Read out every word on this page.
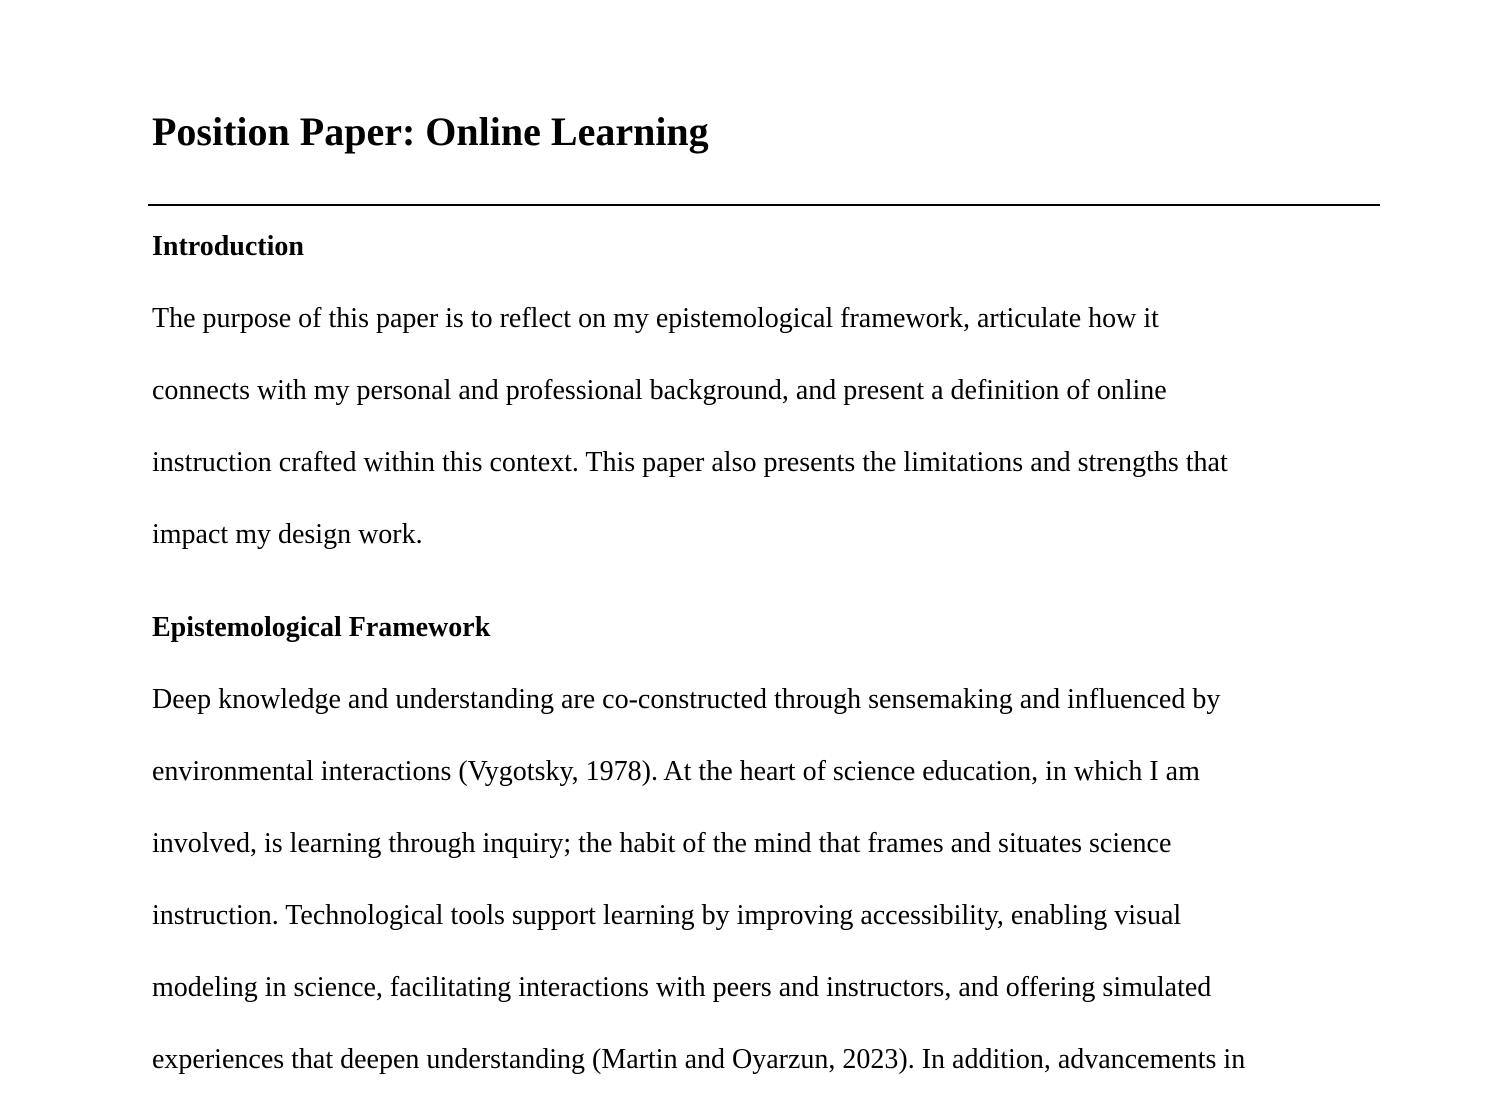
Position Paper: Online Learning
Introduction

The purpose of this paper is to reflect on my epistemological framework, articulate how it
connects with my personal and professional background, and present a definition of online
instruction crafted within this context. This paper also presents the limitations and strengths that
impact my design work.

Epistemological Framework

Deep knowledge and understanding are co-constructed through sensemaking and influenced by
environmental interactions (Vygotsky, 1978). At the heart of science education, in which I am
involved, is learning through inquiry; the habit of the mind that frames and situates science
instruction. Technological tools support learning by improving accessibility, enabling visual
modeling in science, facilitating interactions with peers and instructors, and offering simulated
experiences that deepen understanding (Martin and Oyarzun, 2023). In addition, advancements in
